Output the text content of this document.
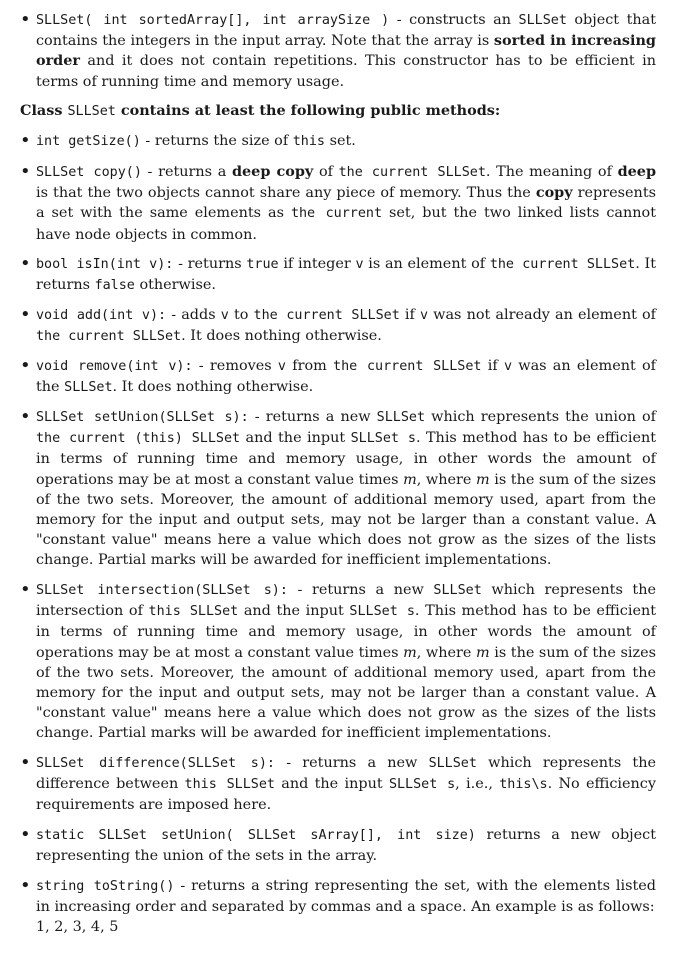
• SLLSet( int sortedArray[], int arraySize ) - constructs an SLLSet object that contains the integers in the input array. Note that the array is sorted in increasing order and it does not contain repetitions. This constructor has to be efficient in terms of running time and memory usage.
Class SLLSet contains at least the following public methods:
• int getSize() - returns the size of this set.
• SLLSet copy() - returns a deep copy of the current SLLSet. The meaning of deep is that the two objects cannot share any piece of memory. Thus the copy represents a set with the same elements as the current set, but the two linked lists cannot have node objects in common.
• bool isIn(int v): - returns true if integer v is an element of the current SLLSet. It returns false otherwise.
• void add(int v): - adds v to the current SLLSet if v was not already an element of the current SLLSet. It does nothing otherwise.
• void remove(int v): - removes v from the current SLLSet if v was an element of the SLLSet. It does nothing otherwise.
• SLLSet setUnion(SLLSet s): - returns a new SLLSet which represents the union of the current (this) SLLSet and the input SLLSet s. This method has to be efficient in terms of running time and memory usage, in other words the amount of operations may be at most a constant value times m, where m is the sum of the sizes of the two sets. Moreover, the amount of additional memory used, apart from the memory for the input and output sets, may not be larger than a constant value. A "constant value" means here a value which does not grow as the sizes of the lists change. Partial marks will be awarded for inefficient implementations.
• SLLSet intersection(SLLSet s): - returns a new SLLSet which represents the intersection of this SLLSet and the input SLLSet s. This method has to be efficient in terms of running time and memory usage, in other words the amount of operations may be at most a constant value times m, where m is the sum of the sizes of the two sets. Moreover, the amount of additional memory used, apart from the memory for the input and output sets, may not be larger than a constant value. A "constant value" means here a value which does not grow as the sizes of the lists change. Partial marks will be awarded for inefficient implementations.
• SLLSet difference(SLLSet s): - returns a new SLLSet which represents the difference between this SLLSet and the input SLLSet s, i.e., this\s. No efficiency requirements are imposed here.
• static SLLSet setUnion( SLLSet sArray[], int size) returns a new object representing the union of the sets in the array.
• string toString() - returns a string representing the set, with the elements listed in increasing order and separated by commas and a space. An example is as follows:
1, 2, 3, 4, 5
